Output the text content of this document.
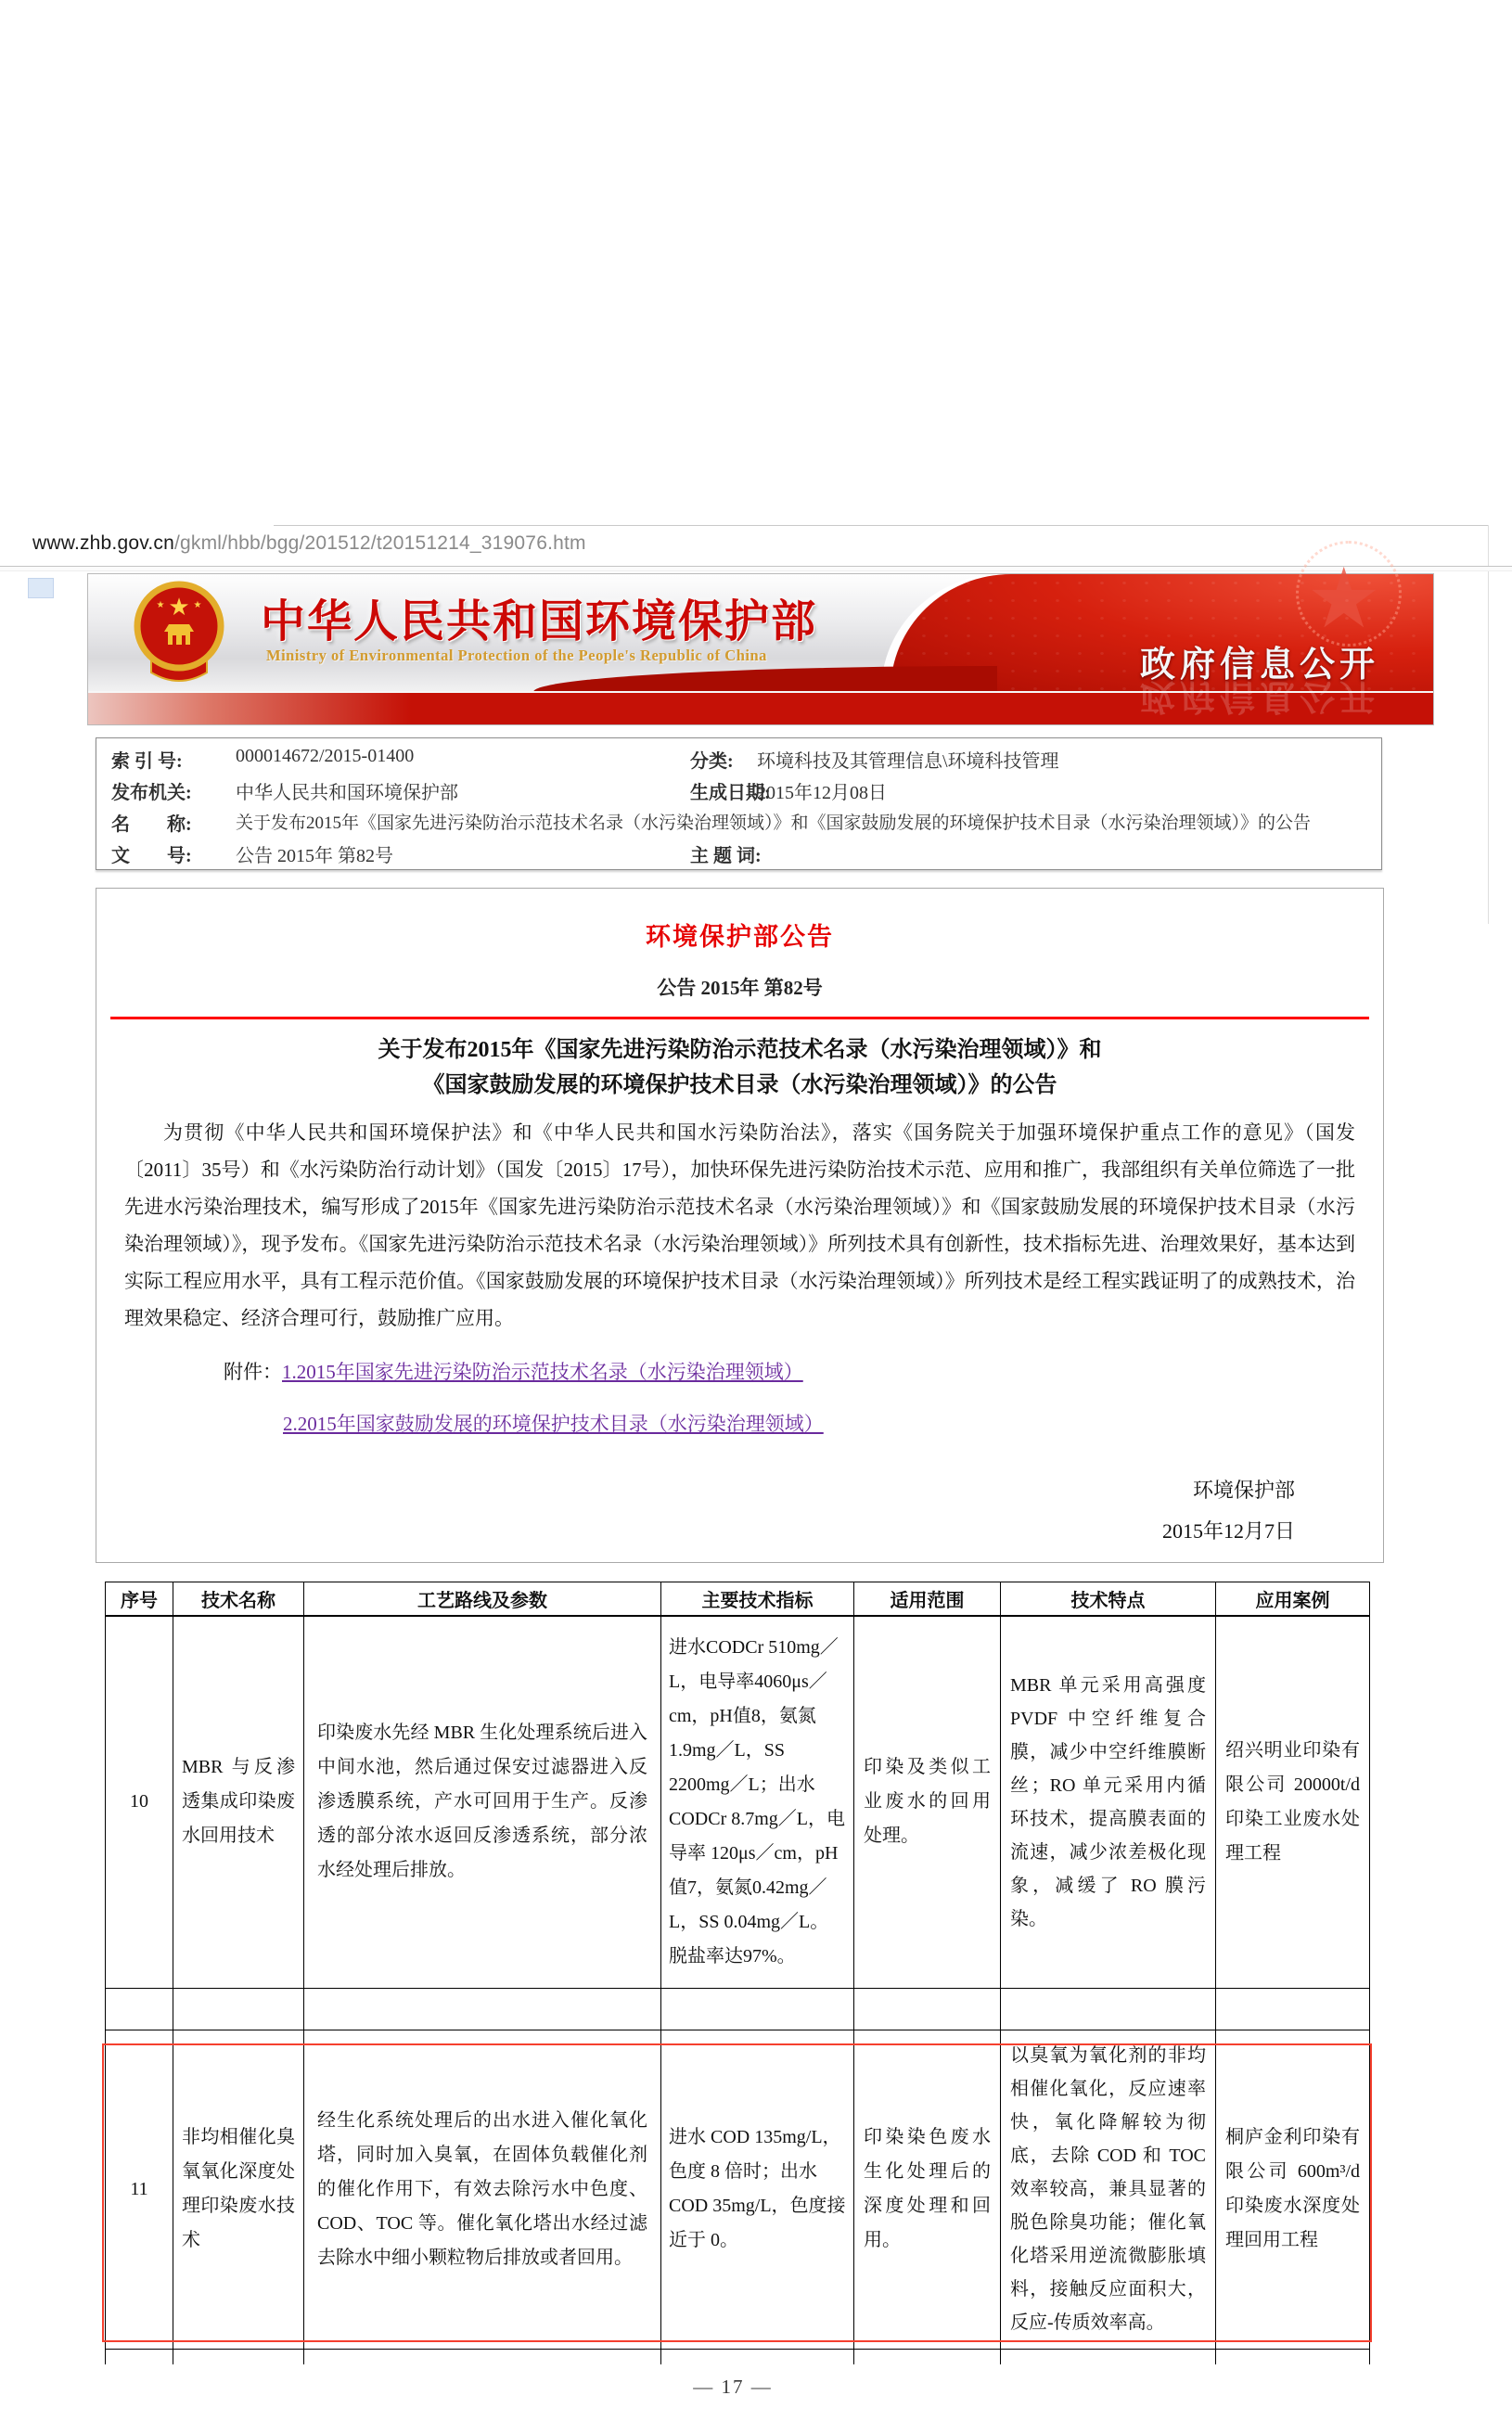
www.zhb.gov.cn/gkml/hbb/bgg/201512/t20151214_319076.htm
★
政府信息公开
政府信息公开
★
★	★ 中华人民共和国环境保护部
Ministry of Environmental Protection of the People's Republic of China
索 引 号:	000014672/2015-01400	分类: 环境科技及其管理信息\环境科技管理
发布机关: 中华人民共和国环境保护部	生成日期:
2015年12月08日
名　　称: 关于发布2015年《国家先进污染防治示范技术名录（水污染治理领域）》和《国家鼓励发展的环境保护技术目录（水污染治理领域）》的公告
文　　号: 公告 2015年 第82号	主 题 词:
环境保护部公告
公告 2015年 第82号
关于发布2015年《国家先进污染防治示范技术名录（水污染治理领域）》和
《国家鼓励发展的环境保护技术目录（水污染治理领域）》的公告
为贯彻《中华人民共和国环境保护法》和《中华人民共和国水污染防治法》，落实《国务院关于加强环境保护重点工作的意见》（国发〔2011〕35号）和《水污染防治行动计划》（国发〔2015〕17号），加快环保先进污染防治技术示范、应用和推广，我部组织有关单位筛选了一批先进水污染治理技术，编写形成了2015年《国家先进污染防治示范技术名录（水污染治理领域）》和《国家鼓励发展的环境保护技术目录（水污染治理领域）》，现予发布。《国家先进污染防治示范技术名录（水污染治理领域）》所列技术具有创新性，技术指标先进、治理效果好，基本达到实际工程应用水平，具有工程示范价值。《国家鼓励发展的环境保护技术目录（水污染治理领域）》所列技术是经工程实践证明了的成熟技术，治理效果稳定、经济合理可行，鼓励推广应用。
附件：1.2015年国家先进污染防治示范技术名录（水污染治理领域）
2.2015年国家鼓励发展的环境保护技术目录（水污染治理领域）
环境保护部
2015年12月7日
序号	技术名称	工艺路线及参数	主要技术指标	适用范围	技术特点	应用案例
10	MBR 与反渗透集成印染废水回用技术	印染废水先经 MBR 生化处理系统后进入中间水池，然后通过保安过滤器进入反渗透膜系统，产水可回用于生产。反渗透的部分浓水返回反渗透系统，部分浓水经处理后排放。	进水CODCr 510mg／L，电导率4060μs／cm，pH值8，氨氮1.9mg／L，SS 2200mg／L；出水CODCr 8.7mg／L，电导率 120μs／cm，pH值7，氨氮0.42mg／L，SS 0.04mg／L。脱盐率达97%。	印染及类似工业废水的回用处理。	MBR 单元采用高强度 PVDF 中空纤维复合膜，减少中空纤维膜断丝；RO 单元采用内循环技术，提高膜表面的流速，减少浓差极化现象，减缓了 RO 膜污染。	绍兴明业印染有限公司 20000t/d 印染工业废水处理工程

11	非均相催化臭氧氧化深度处理印染废水技术	经生化系统处理后的出水进入催化氧化塔，同时加入臭氧，在固体负载催化剂的催化作用下，有效去除污水中色度、COD、TOC 等。催化氧化塔出水经过滤去除水中细小颗粒物后排放或者回用。	进水 COD 135mg/L，色度 8 倍时；出水 COD 35mg/L，色度接近于 0。	印染染色废水生化处理后的深度处理和回用。	以臭氧为氧化剂的非均相催化氧化，反应速率快，氧化降解较为彻底，去除 COD 和 TOC 效率较高，兼具显著的脱色除臭功能；催化氧化塔采用逆流微膨胀填料，接触反应面积大，反应-传质效率高。	桐庐金利印染有限公司 600m³/d 印染废水深度处理回用工程

— 17 —
